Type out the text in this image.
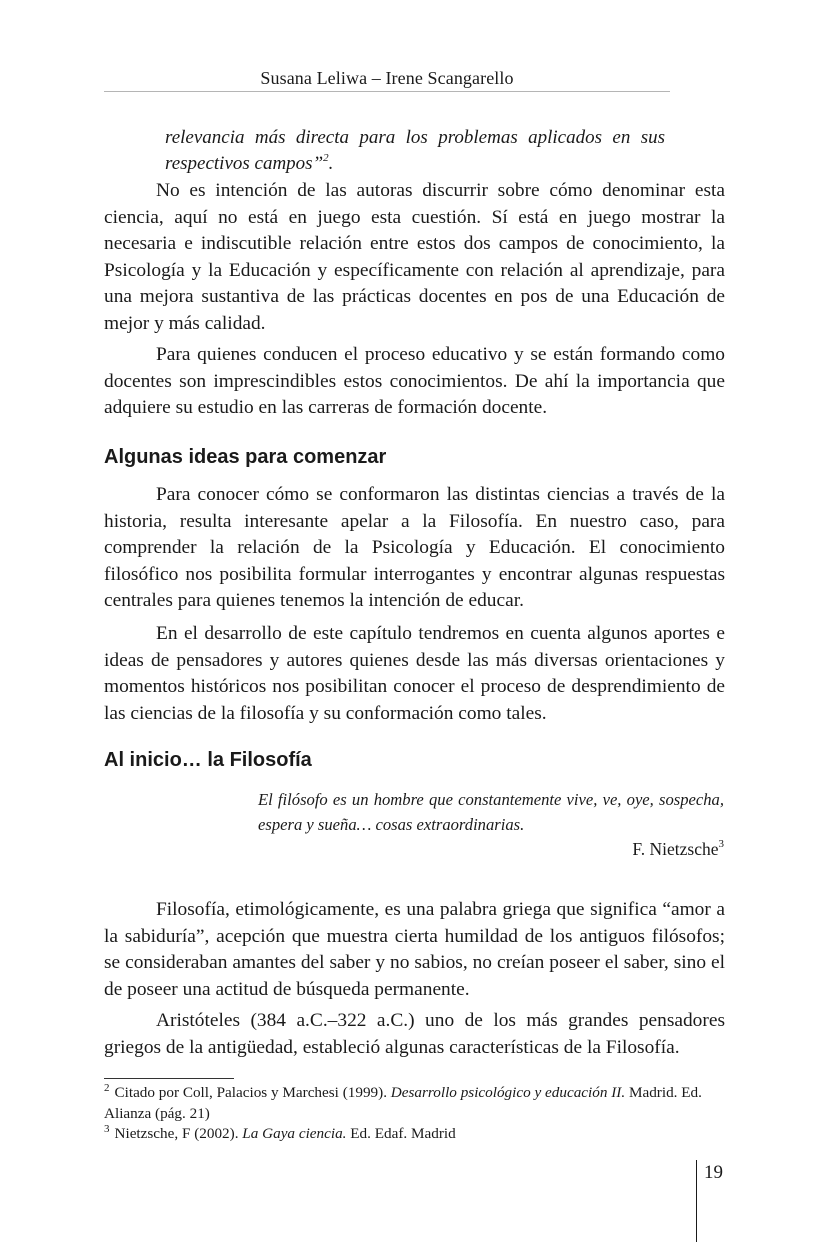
Susana Leliwa – Irene Scangarello

relevancia más directa para los problemas aplicados en sus respectivos campos”$^2$.

No es intención de las autoras discurrir sobre cómo denominar esta ciencia, aquí no está en juego esta cuestión. Sí está en juego mostrar la necesaria e indiscutible relación entre estos dos campos de conocimiento, la Psicología y la Educación y específicamente con relación al aprendizaje, para una mejora sustantiva de las prácticas docentes en pos de una Educación de mejor y más calidad.

Para quienes conducen el proceso educativo y se están formando como docentes son imprescindibles estos conocimientos. De ahí la importancia que adquiere su estudio en las carreras de formación docente.

Algunas ideas para comenzar

Para conocer cómo se conformaron las distintas ciencias a través de la historia, resulta interesante apelar a la Filosofía. En nuestro caso, para comprender la relación de la Psicología y Educación. El conocimiento filosófico nos posibilita formular interrogantes y encontrar algunas respuestas centrales para quienes tenemos la intención de educar.

En el desarrollo de este capítulo tendremos en cuenta algunos aportes e ideas de pensadores y autores quienes desde las más diversas orientaciones y momentos históricos nos posibilitan conocer el proceso de desprendimiento de las ciencias de la filosofía y su conformación como tales.

Al inicio… la Filosofía

El filósofo es un hombre que constantemente vive, ve, oye, sospecha, espera y sueña… cosas extraordinarias.

F. Nietzsche$^3$

Filosofía, etimológicamente, es una palabra griega que significa “amor a la sabiduría”, acepción que muestra cierta humildad de los antiguos filósofos; se consideraban amantes del saber y no sabios, no creían poseer el saber, sino el de poseer una actitud de búsqueda permanente.

Aristóteles (384 a.C.–322 a.C.) uno de los más grandes pensadores griegos de la antigüedad, estableció algunas características de la Filosofía.

$^2$ Citado por Coll, Palacios y Marchesi (1999). Desarrollo psicológico y educación II. Madrid. Ed. Alianza (pág. 21)

$^3$ Nietzsche, F (2002). La Gaya ciencia. Ed. Edaf. Madrid

19
